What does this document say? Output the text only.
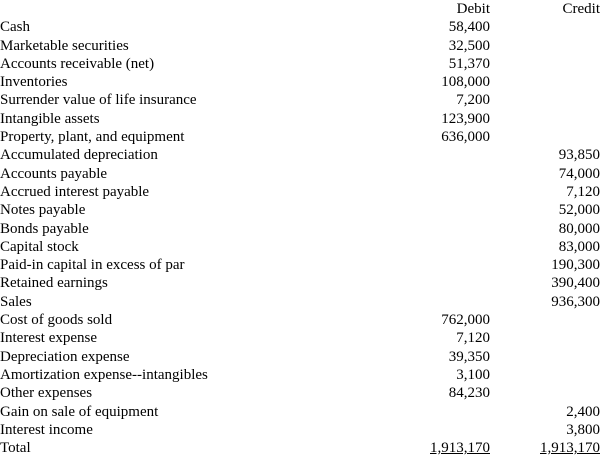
	Debit	Credit
Cash	58,400	
Marketable securities	32,500	
Accounts receivable (net)	51,370	
Inventories	108,000	
Surrender value of life insurance	7,200	
Intangible assets	123,900	
Property, plant, and equipment	636,000	
Accumulated depreciation		93,850
Accounts payable		74,000
Accrued interest payable		7,120
Notes payable		52,000
Bonds payable		80,000
Capital stock		83,000
Paid-in capital in excess of par		190,300
Retained earnings		390,400
Sales		936,300
Cost of goods sold	762,000	
Interest expense	7,120	
Depreciation expense	39,350	
Amortization expense--intangibles	3,100	
Other expenses	84,230	
Gain on sale of equipment		2,400
Interest income		3,800
Total	1,913,170	1,913,170
